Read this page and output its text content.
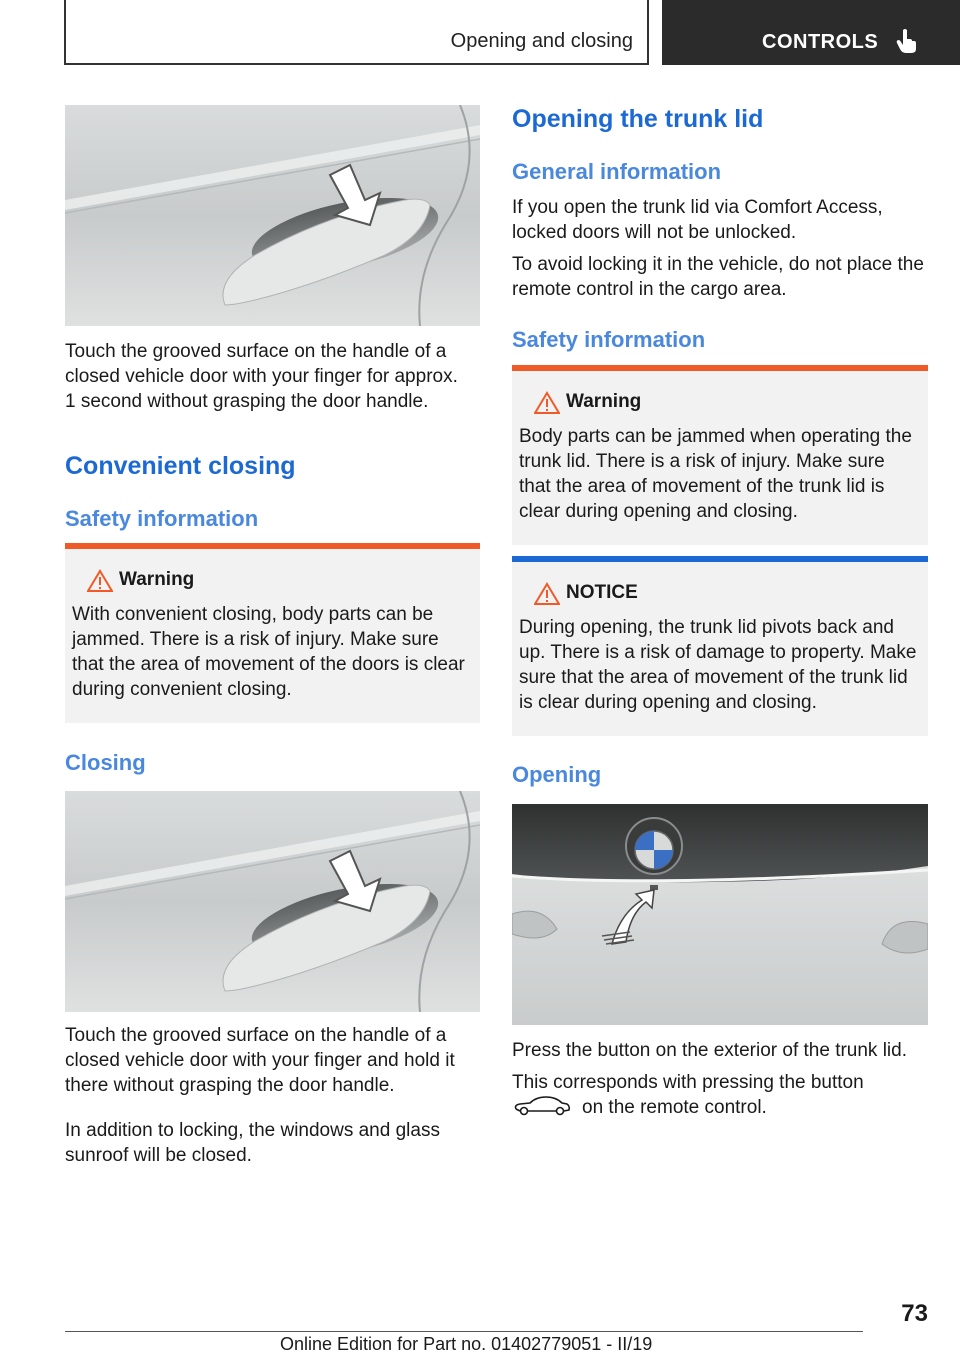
Opening and closing	CONTROLS
Touch the grooved surface on the handle of a closed vehicle door with your finger for approx. 1 second without grasping the door handle.
Convenient closing
Safety information
Warning
With convenient closing, body parts can be jammed. There is a risk of injury. Make sure that the area of movement of the doors is clear during convenient closing.
Closing
Touch the grooved surface on the handle of a closed vehicle door with your finger and hold it there without grasping the door handle.
In addition to locking, the windows and glass sunroof will be closed.
Opening the trunk lid
General information
If you open the trunk lid via Comfort Access, locked doors will not be unlocked.
To avoid locking it in the vehicle, do not place the remote control in the cargo area.
Safety information
Warning
Body parts can be jammed when operating the trunk lid. There is a risk of injury. Make sure that the area of movement of the trunk lid is clear during opening and closing.
NOTICE
During opening, the trunk lid pivots back and up. There is a risk of damage to property. Make sure that the area of movement of the trunk lid is clear during opening and closing.
Opening
Press the button on the exterior of the trunk lid.
This corresponds with pressing the button
on the remote control.
73
Online Edition for Part no. 01402779051 - II/19
